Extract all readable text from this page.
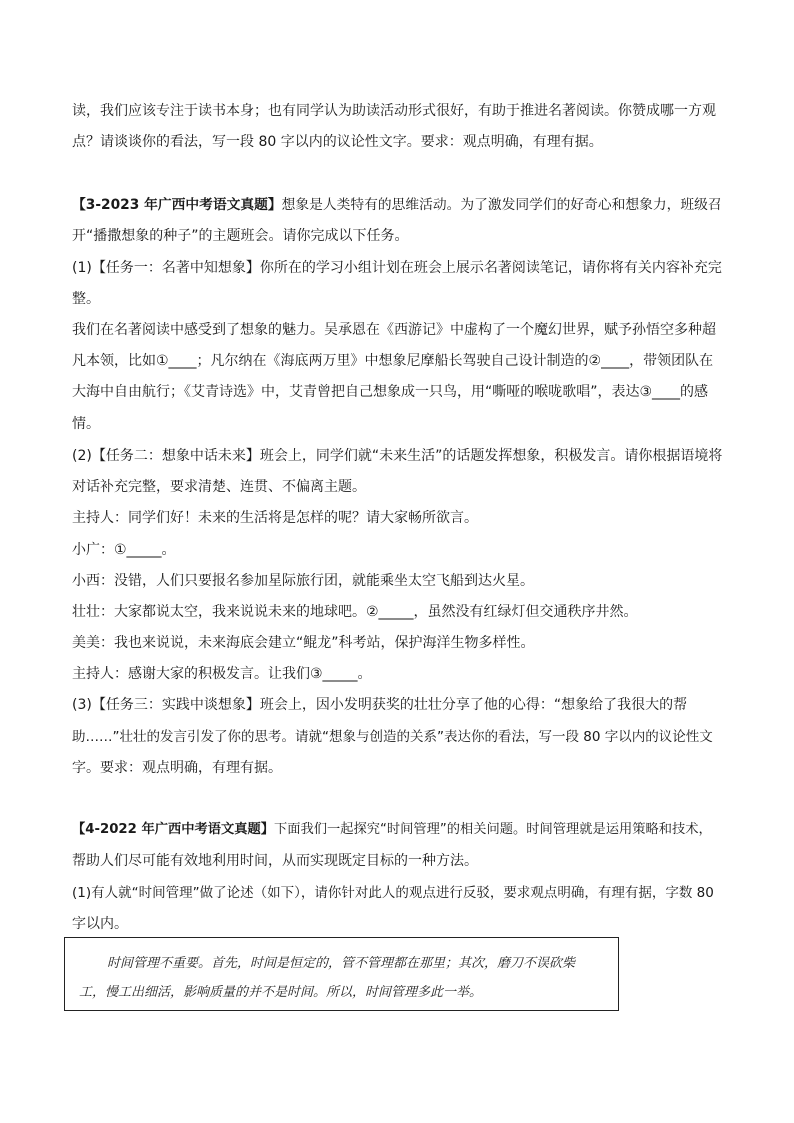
读，我们应该专注于读书本身；也有同学认为助读活动形式很好，有助于推进名著阅读。你赞成哪一方观
点？请谈谈你的看法，写一段 80 字以内的议论性文字。要求：观点明确，有理有据。
【3-2023 年广西中考语文真题】想象是人类特有的思维活动。为了激发同学们的好奇心和想象力，班级召
开“播撒想象的种子”的主题班会。请你完成以下任务。
(1)【任务一：名著中知想象】你所在的学习小组计划在班会上展示名著阅读笔记，请你将有关内容补充完
整。
我们在名著阅读中感受到了想象的魅力。吴承恩在《西游记》中虚构了一个魔幻世界，赋予孙悟空多种超
凡本领，比如①____；凡尔纳在《海底两万里》中想象尼摩船长驾驶自己设计制造的②____，带领团队在
大海中自由航行；《艾青诗选》中，艾青曾把自己想象成一只鸟，用“嘶哑的喉咙歌唱”，表达③____的感
情。
(2)【任务二：想象中话未来】班会上，同学们就“未来生活”的话题发挥想象，积极发言。请你根据语境将
对话补充完整，要求清楚、连贯、不偏离主题。
主持人：同学们好！未来的生活将是怎样的呢？请大家畅所欲言。
小广：①_____。
小西：没错，人们只要报名参加星际旅行团，就能乘坐太空飞船到达火星。
壮壮：大家都说太空，我来说说未来的地球吧。②_____，虽然没有红绿灯但交通秩序井然。
美美：我也来说说，未来海底会建立“鲲龙”科考站，保护海洋生物多样性。
主持人：感谢大家的积极发言。让我们③_____。
(3)【任务三：实践中谈想象】班会上，因小发明获奖的壮壮分享了他的心得：“想象给了我很大的帮
助……”壮壮的发言引发了你的思考。请就“想象与创造的关系”表达你的看法，写一段 80 字以内的议论性文
字。要求：观点明确，有理有据。
【4-2022 年广西中考语文真题】下面我们一起探究“时间管理”的相关问题。时间管理就是运用策略和技术，
帮助人们尽可能有效地利用时间，从而实现既定目标的一种方法。
(1)有人就“时间管理”做了论述（如下），请你针对此人的观点进行反驳，要求观点明确，有理有据，字数 80
字以内。
时间管理不重要。首先，时间是恒定的，管不管理都在那里；其次，磨刀不误砍柴
工，慢工出细活，影响质量的并不是时间。所以，时间管理多此一举。
